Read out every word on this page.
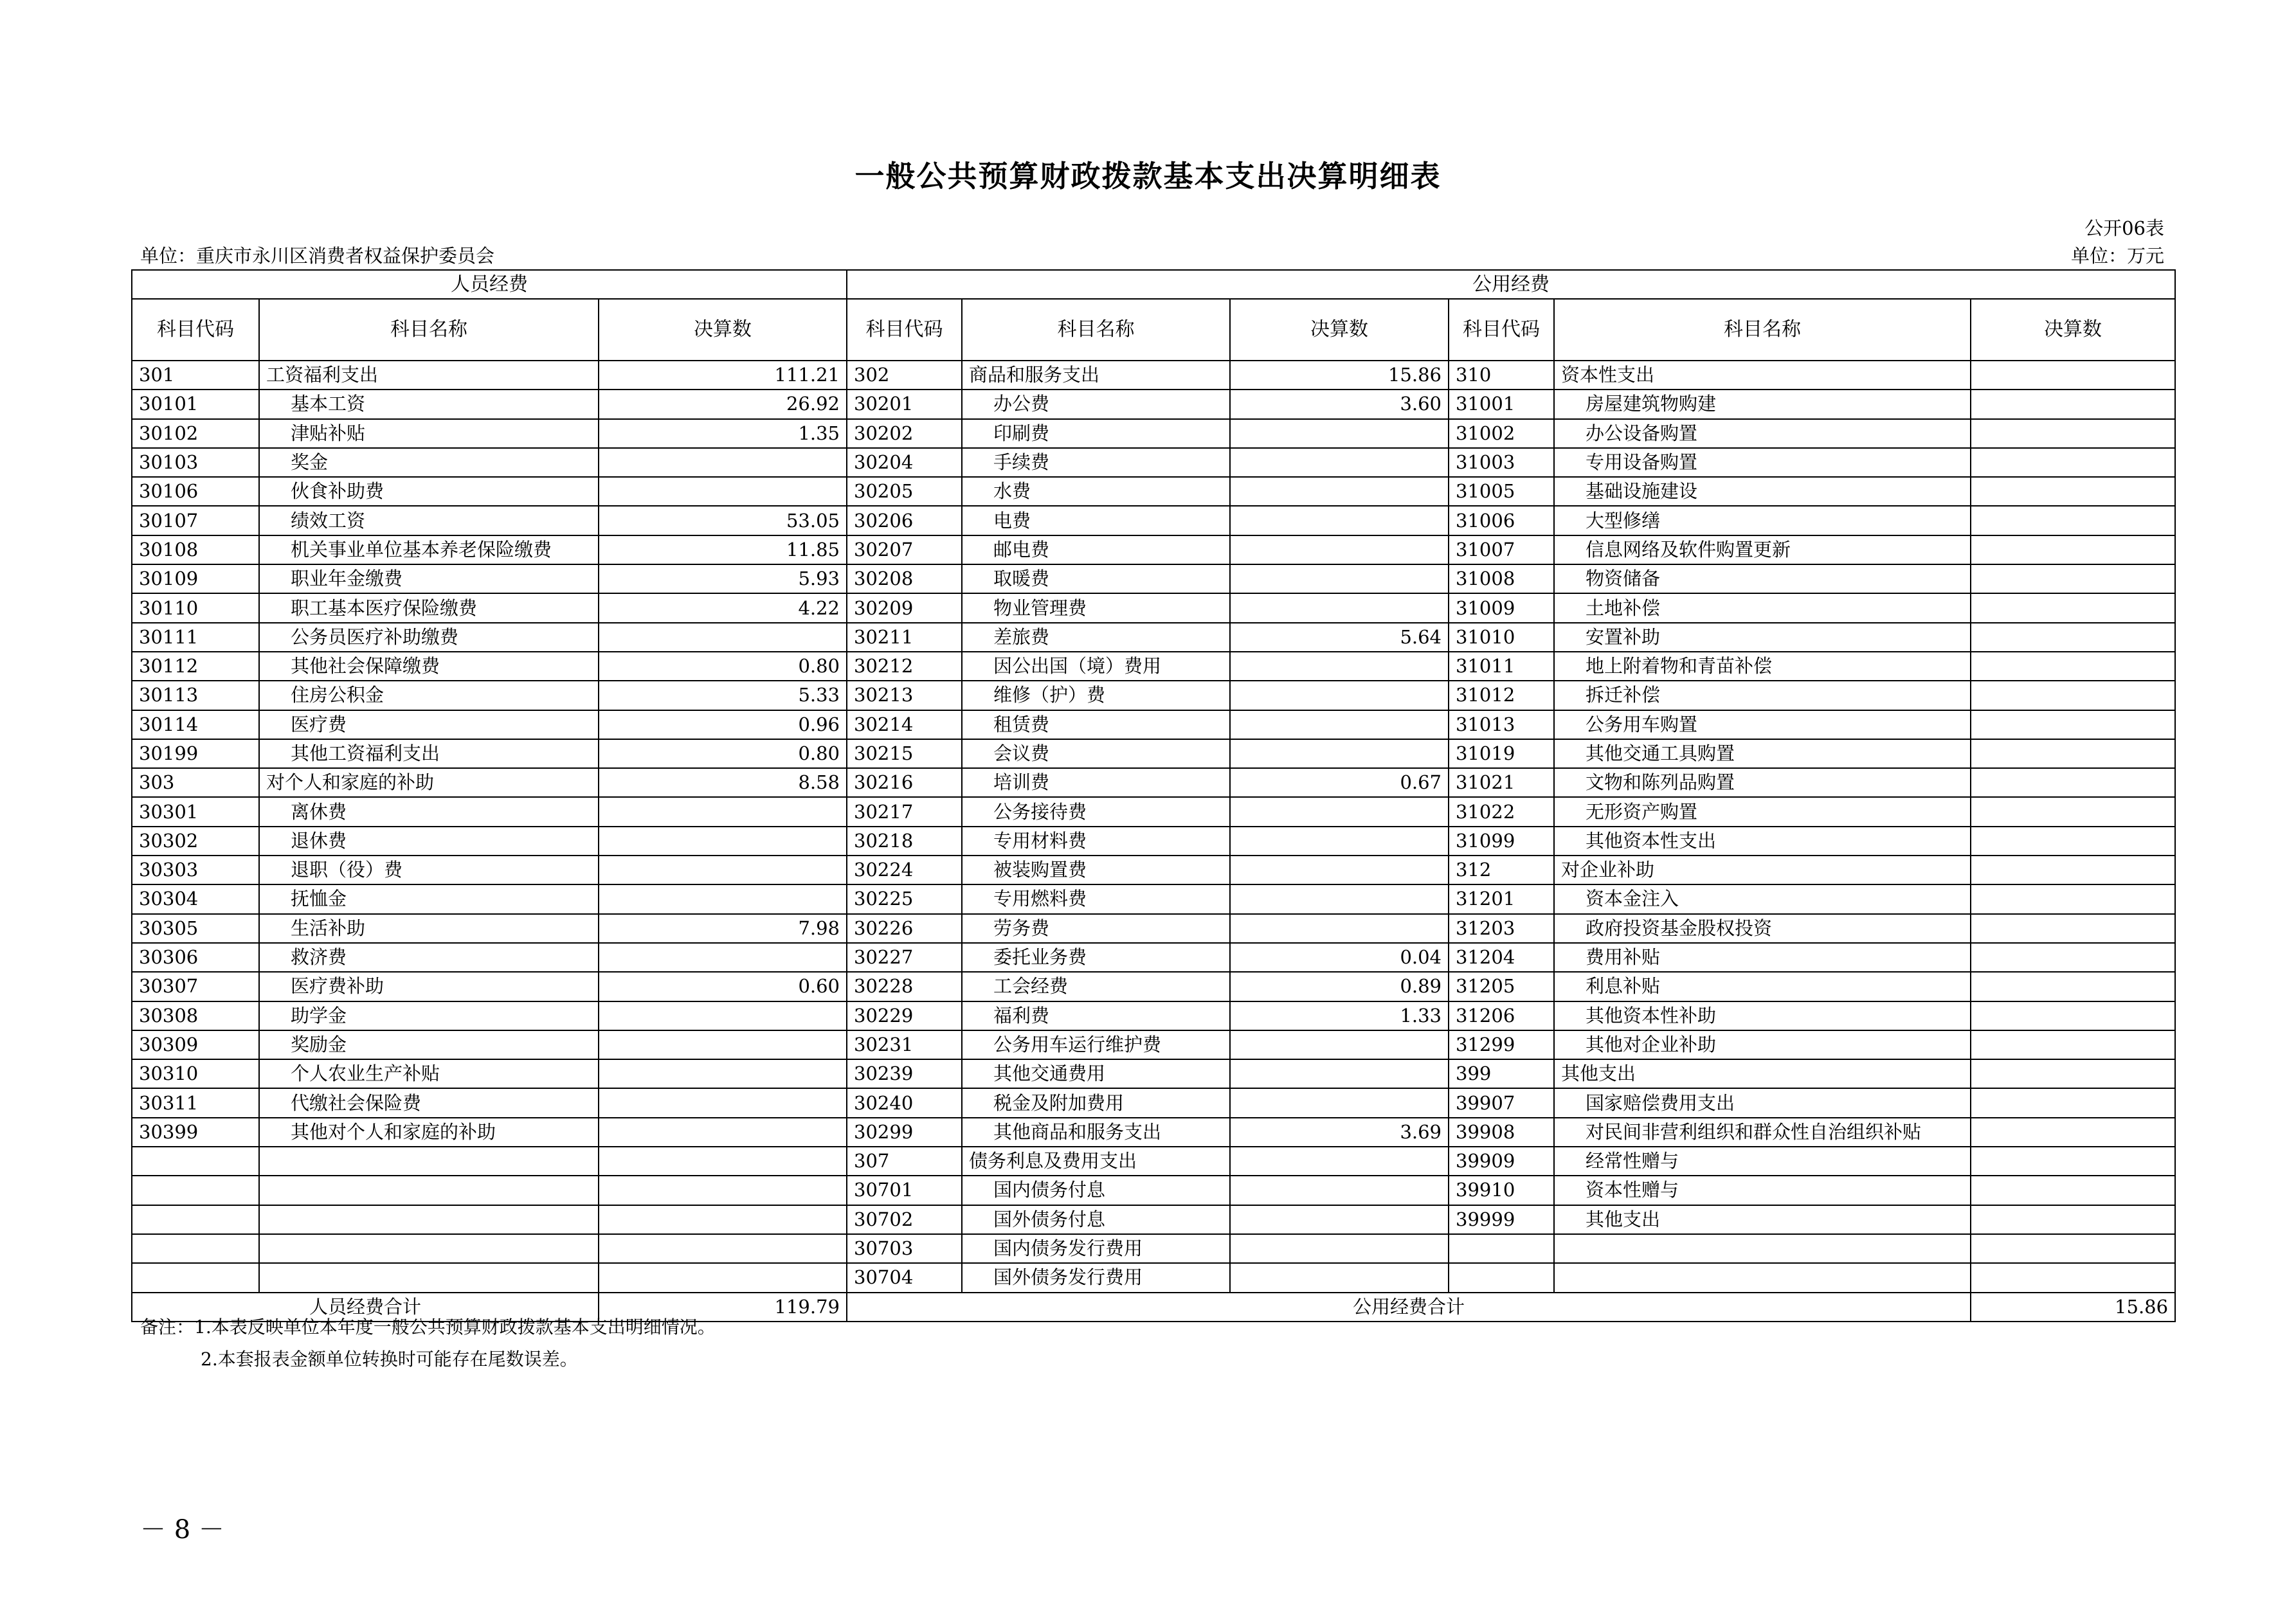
一般公共预算财政拨款基本支出决算明细表
公开06表
单位：重庆市永川区消费者权益保护委员会	单位：万元
人员经费			公用经费					
科目代码	科目名称	决算数	科目代码	科目名称	决算数	科目代码	科目名称	决算数
301	工资福利支出	111.21	302	商品和服务支出	15.86	310	资本性支出	
30101	基本工资	26.92	30201	办公费	3.60	31001	房屋建筑物购建	
30102	津贴补贴	1.35	30202	印刷费		31002	办公设备购置	
30103	奖金		30204	手续费		31003	专用设备购置	
30106	伙食补助费		30205	水费		31005	基础设施建设	
30107	绩效工资	53.05	30206	电费		31006	大型修缮	
30108	机关事业单位基本养老保险缴费	11.85	30207	邮电费		31007	信息网络及软件购置更新	
30109	职业年金缴费	5.93	30208	取暖费		31008	物资储备	
30110	职工基本医疗保险缴费	4.22	30209	物业管理费		31009	土地补偿	
30111	公务员医疗补助缴费		30211	差旅费	5.64	31010	安置补助	
30112	其他社会保障缴费	0.80	30212	因公出国（境）费用		31011	地上附着物和青苗补偿	
30113	住房公积金	5.33	30213	维修（护）费		31012	拆迁补偿	
30114	医疗费	0.96	30214	租赁费		31013	公务用车购置	
30199	其他工资福利支出	0.80	30215	会议费		31019	其他交通工具购置	
303	对个人和家庭的补助	8.58	30216	培训费	0.67	31021	文物和陈列品购置	
30301	离休费		30217	公务接待费		31022	无形资产购置	
30302	退休费		30218	专用材料费		31099	其他资本性支出	
30303	退职（役）费		30224	被装购置费		312	对企业补助	
30304	抚恤金		30225	专用燃料费		31201	资本金注入	
30305	生活补助	7.98	30226	劳务费		31203	政府投资基金股权投资	
30306	救济费		30227	委托业务费	0.04	31204	费用补贴	
30307	医疗费补助	0.60	30228	工会经费	0.89	31205	利息补贴	
30308	助学金		30229	福利费	1.33	31206	其他资本性补助	
30309	奖励金		30231	公务用车运行维护费		31299	其他对企业补助	
30310	个人农业生产补贴		30239	其他交通费用		399	其他支出	
30311	代缴社会保险费		30240	税金及附加费用		39907	国家赔偿费用支出	
30399	其他对个人和家庭的补助		30299	其他商品和服务支出	3.69	39908	对民间非营利组织和群众性自治组织补贴	
			307	债务利息及费用支出		39909	经常性赠与	
			30701	国内债务付息		39910	资本性赠与	
			30702	国外债务付息		39999	其他支出	
			30703	国内债务发行费用				
			30704	国外债务发行费用				
人员经费合计		119.79	公用经费合计					15.86
备注：1.本表反映单位本年度一般公共预算财政拨款基本支出明细情况。
2.本套报表金额单位转换时可能存在尾数误差。
－ 8 －
